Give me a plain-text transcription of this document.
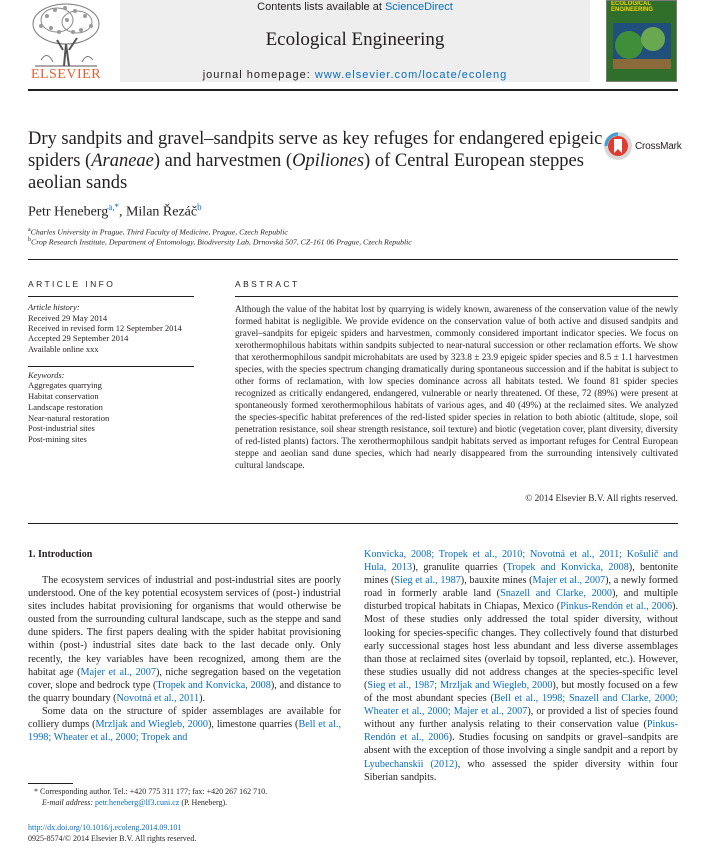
ELSEVIER
Contents lists available at ScienceDirect
Ecological Engineering
journal homepage: www.elsevier.com/locate/ecoleng
ECOLOGICAL
ENGINEERING
Dry sandpits and gravel–sandpits serve as key refuges for endangered epigeic spiders (Araneae) and harvestmen (Opiliones) of Central European steppes aeolian sands
CrossMark
Petr Heneberg$^{a,*}$, Milan Řezáč$^b$
$^a$Charles University in Prague, Third Faculty of Medicine, Prague, Czech Republic
$^b$Crop Research Institute, Department of Entomology, Biodiversity Lab, Drnovská 507, CZ-161 06 Prague, Czech Republic
ARTICLE INFO
Article history:
Received 29 May 2014
Received in revised form 12 September 2014
Accepted 29 September 2014
Available online xxx
Keywords:
Aggregates quarrying
Habitat conservation
Landscape restoration
Near-natural restoration
Post-industrial sites
Post-mining sites
ABSTRACT
Although the value of the habitat lost by quarrying is widely known, awareness of the conservation value of the newly formed habitat is negligible. We provide evidence on the conservation value of both active and disused sandpits and gravel–sandpits for epigeic spiders and harvestmen, commonly considered important indicator species. We focus on xerothermophilous habitats within sandpits subjected to near-natural succession or other reclamation efforts. We show that xerothermophilous sandpit microhabitats are used by 323.8 ± 23.9 epigeic spider species and 8.5 ± 1.1 harvestmen species, with the species spectrum changing dramatically during spontaneous succession and if the habitat is subject to other forms of reclamation, with low species dominance across all habitats tested. We found 81 spider species recognized as critically endangered, endangered, vulnerable or nearly threatened. Of these, 72 (89%) were present at spontaneously formed xerothermophilous habitats of various ages, and 40 (49%) at the reclaimed sites. We analyzed the species-specific habitat preferences of the red-listed spider species in relation to both abiotic (altitude, slope, soil penetration resistance, soil shear strength resistance, soil texture) and biotic (vegetation cover, plant diversity, diversity of red-listed plants) factors. The xerothermophilous sandpit habitats served as important refuges for Central European steppe and aeolian sand dune species, which had nearly disappeared from the surrounding intensively cultivated cultural landscape.
© 2014 Elsevier B.V. All rights reserved.
1. Introduction

The ecosystem services of industrial and post-industrial sites are poorly understood. One of the key potential ecosystem services of (post-) industrial sites includes habitat provisioning for organisms that would otherwise be ousted from the surrounding cultural landscape, such as the steppe and sand dune spiders. The first papers dealing with the spider habitat provisioning within (post-) industrial sites date back to the last decade only. Only recently, the key variables have been recognized, among them are the habitat age (Majer et al., 2007), niche segregation based on the vegetation cover, slope and bedrock type (Tropek and Konvicka, 2008), and distance to the quarry boundary (Novotná et al., 2011).

Some data on the structure of spider assemblages are available for colliery dumps (Mrzljak and Wiegleb, 2000), limestone quarries (Bell et al., 1998; Wheater et al., 2000; Tropek and

Konvicka, 2008; Tropek et al., 2010; Novotná et al., 2011; Košulič and Hula, 2013), granulite quarries (Tropek and Konvicka, 2008), bentonite mines (Sieg et al., 1987), bauxite mines (Majer et al., 2007), a newly formed road in formerly arable land (Snazell and Clarke, 2000), and multiple disturbed tropical habitats in Chiapas, Mexico (Pinkus-Rendón et al., 2006). Most of these studies only addressed the total spider diversity, without looking for species-specific changes. They collectively found that disturbed early successional stages host less abundant and less diverse assemblages than those at reclaimed sites (overlaid by topsoil, replanted, etc.). However, these studies usually did not address changes at the species-specific level (Sieg et al., 1987; Mrzljak and Wiegleb, 2000), but mostly focused on a few of the most abundant species (Bell et al., 1998; Snazell and Clarke, 2000; Wheater et al., 2000; Majer et al., 2007), or provided a list of species found without any further analysis relating to their conservation value (Pinkus-Rendón et al., 2006). Studies focusing on sandpits or gravel–sandpits are absent with the exception of those involving a single sandpit and a report by Lyubechanskii (2012), who assessed the spider diversity within four Siberian sandpits.

* Corresponding author. Tel.: +420 775 311 177; fax: +420 267 162 710.
E-mail address: petr.heneberg@lf3.cuni.cz (P. Heneberg).
http://dx.doi.org/10.1016/j.ecoleng.2014.09.101
0925-8574/© 2014 Elsevier B.V. All rights reserved.
